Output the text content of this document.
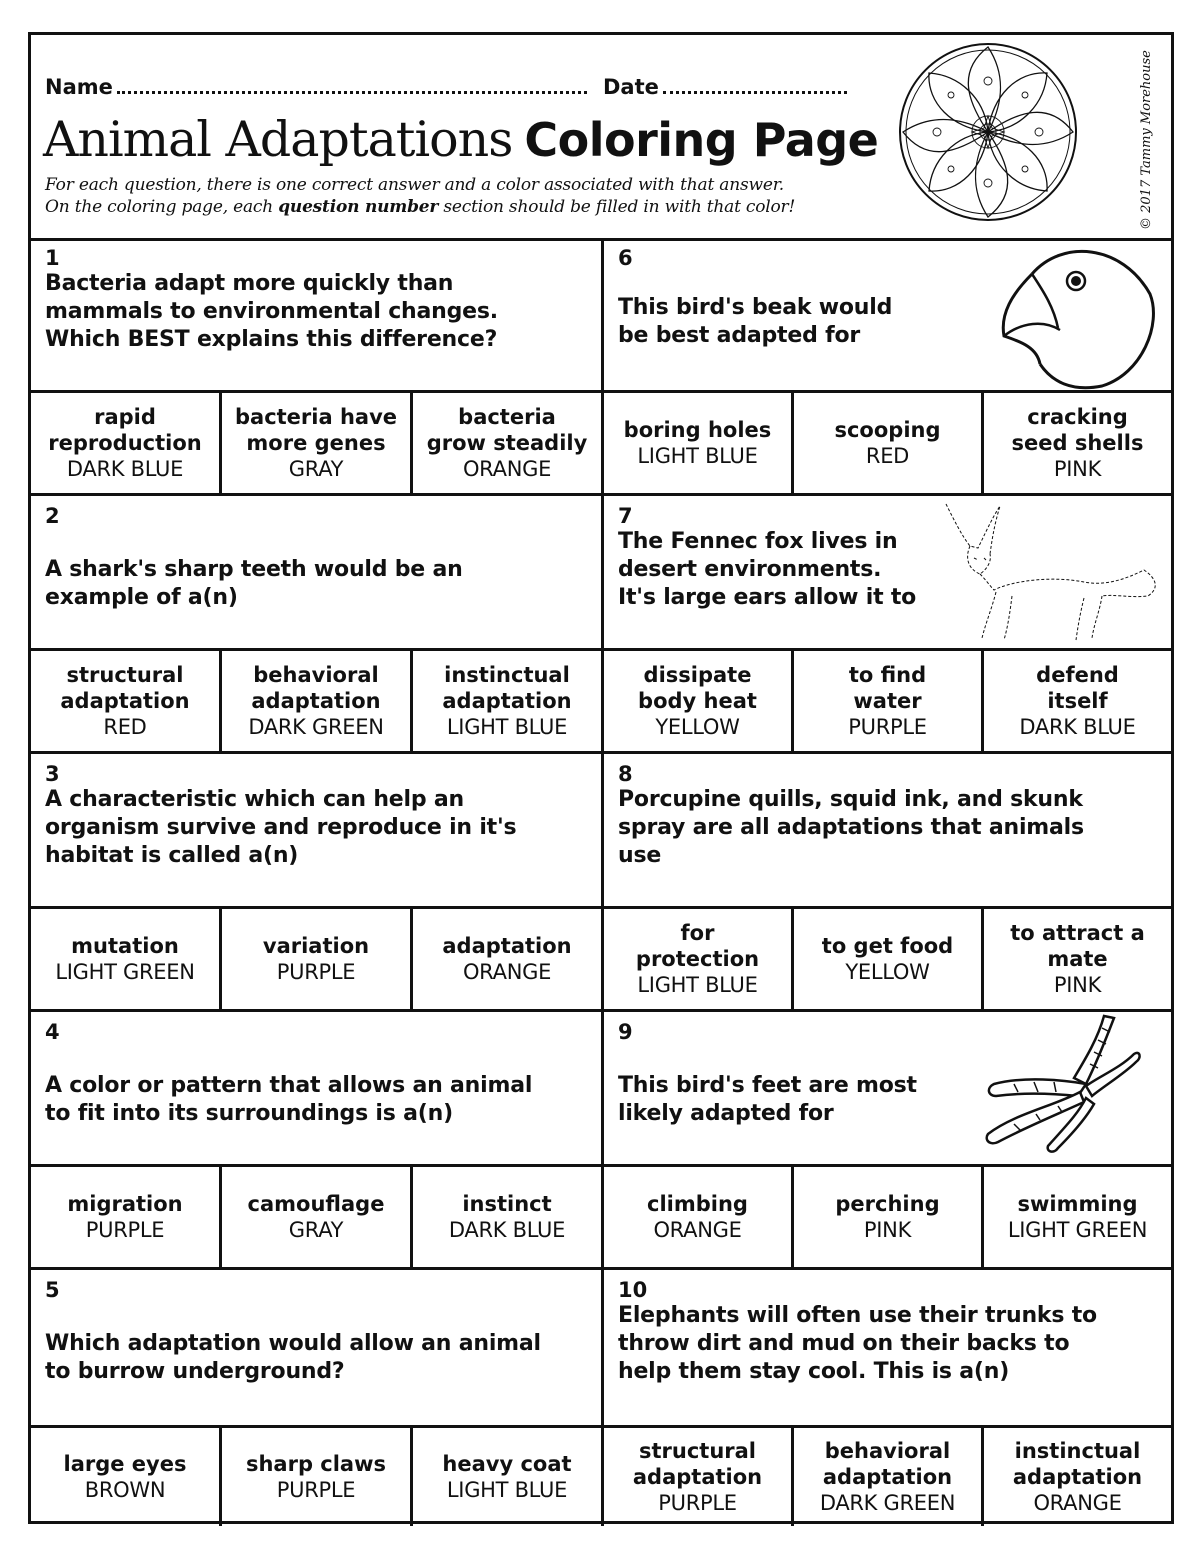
Name	Date
Animal Adaptations Coloring Page
For each question, there is one correct answer and a color associated with that answer.
On the coloring page, each question number section should be filled in with that color!	© 2017 Tammy Morehouse
1
Bacteria adapt more quickly than
mammals to environmental changes.
Which BEST explains this difference?
6
This bird's beak would
be best adapted for
rapid
reproduction
DARK BLUE
bacteria have
more genes
GRAY
bacteria
grow steadily
ORANGE
boring holes
LIGHT BLUE
scooping
RED
cracking
seed shells
PINK
2
A shark's sharp teeth would be an
example of a(n)
7
The Fennec fox lives in
desert environments.
It's large ears allow it to
structural
adaptation
RED
behavioral
adaptation
DARK GREEN
instinctual
adaptation
LIGHT BLUE
dissipate
body heat
YELLOW
to find
water
PURPLE
defend
itself
DARK BLUE
3
A characteristic which can help an
organism survive and reproduce in it's
habitat is called a(n)
8
Porcupine quills, squid ink, and skunk
spray are all adaptations that animals
use
mutation
LIGHT GREEN
variation
PURPLE
adaptation
ORANGE
for
protection
LIGHT BLUE
to get food
YELLOW
to attract a
mate
PINK
4
A color or pattern that allows an animal
to fit into its surroundings is a(n)
9
This bird's feet are most
likely adapted for
migration
PURPLE
camouflage
GRAY
instinct
DARK BLUE
climbing
ORANGE
perching
PINK
swimming
LIGHT GREEN
5
Which adaptation would allow an animal
to burrow underground?
10
Elephants will often use their trunks to
throw dirt and mud on their backs to
help them stay cool. This is a(n)
large eyes
BROWN
sharp claws
PURPLE
heavy coat
LIGHT BLUE
structural
adaptation
PURPLE
behavioral
adaptation
DARK GREEN
instinctual
adaptation
ORANGE
